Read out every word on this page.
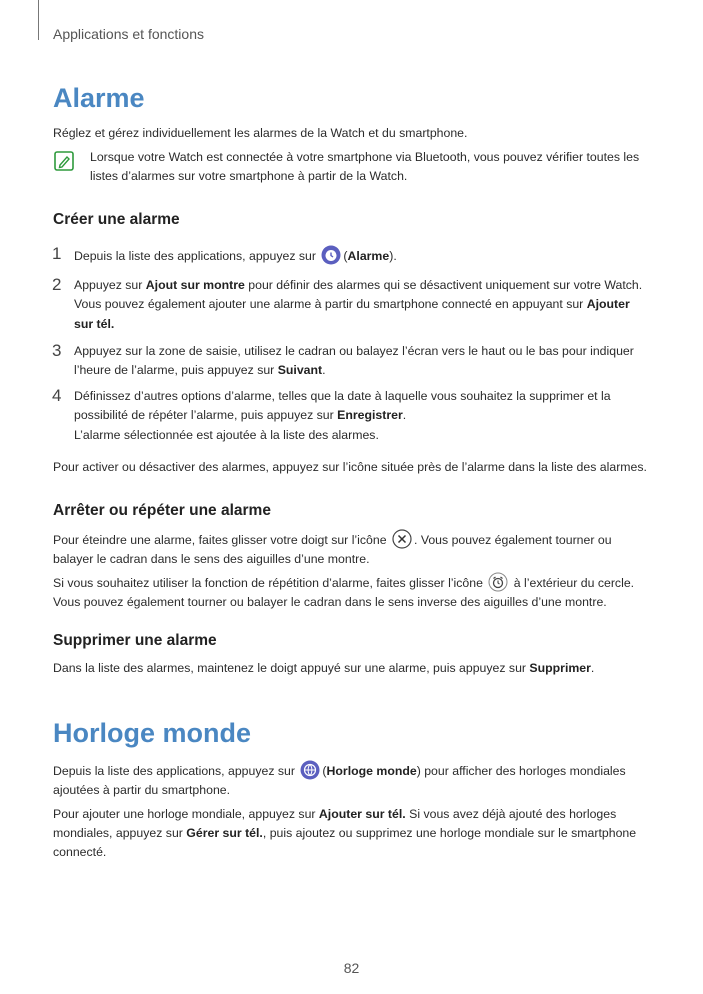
Applications et fonctions
Alarme

Réglez et gérez individuellement les alarmes de la Watch et du smartphone.

Lorsque votre Watch est connectée à votre smartphone via Bluetooth, vous pouvez vérifier toutes les listes d’alarmes sur votre smartphone à partir de la Watch.

Créer une alarme
1 Depuis la liste des applications, appuyez sur (Alarme).

2 Appuyez sur Ajout sur montre pour définir des alarmes qui se désactivent uniquement sur votre Watch. Vous pouvez également ajouter une alarme à partir du smartphone connecté en appuyant sur Ajouter sur tél.

3 Appuyez sur la zone de saisie, utilisez le cadran ou balayez l’écran vers le haut ou le bas pour indiquer l’heure de l’alarme, puis appuyez sur Suivant.

4 Définissez d’autres options d’alarme, telles que la date à laquelle vous souhaitez la supprimer et la possibilité de répéter l’alarme, puis appuyez sur Enregistrer.
L’alarme sélectionnée est ajoutée à la liste des alarmes.

Pour activer ou désactiver des alarmes, appuyez sur l’icône située près de l’alarme dans la liste des alarmes.

Arrêter ou répéter une alarme

Pour éteindre une alarme, faites glisser votre doigt sur l’icône . Vous pouvez également tourner ou balayer le cadran dans le sens des aiguilles d’une montre.

Si vous souhaitez utiliser la fonction de répétition d’alarme, faites glisser l’icône	à l’extérieur du cercle.
Vous pouvez également tourner ou balayer le cadran dans le sens inverse des aiguilles d’une montre.

Supprimer une alarme

Dans la liste des alarmes, maintenez le doigt appuyé sur une alarme, puis appuyez sur Supprimer.

Horloge monde

Depuis la liste des applications, appuyez sur (Horloge monde) pour afficher des horloges mondiales ajoutées à partir du smartphone.

Pour ajouter une horloge mondiale, appuyez sur Ajouter sur tél. Si vous avez déjà ajouté des horloges mondiales, appuyez sur Gérer sur tél., puis ajoutez ou supprimez une horloge mondiale sur le smartphone connecté.

82
